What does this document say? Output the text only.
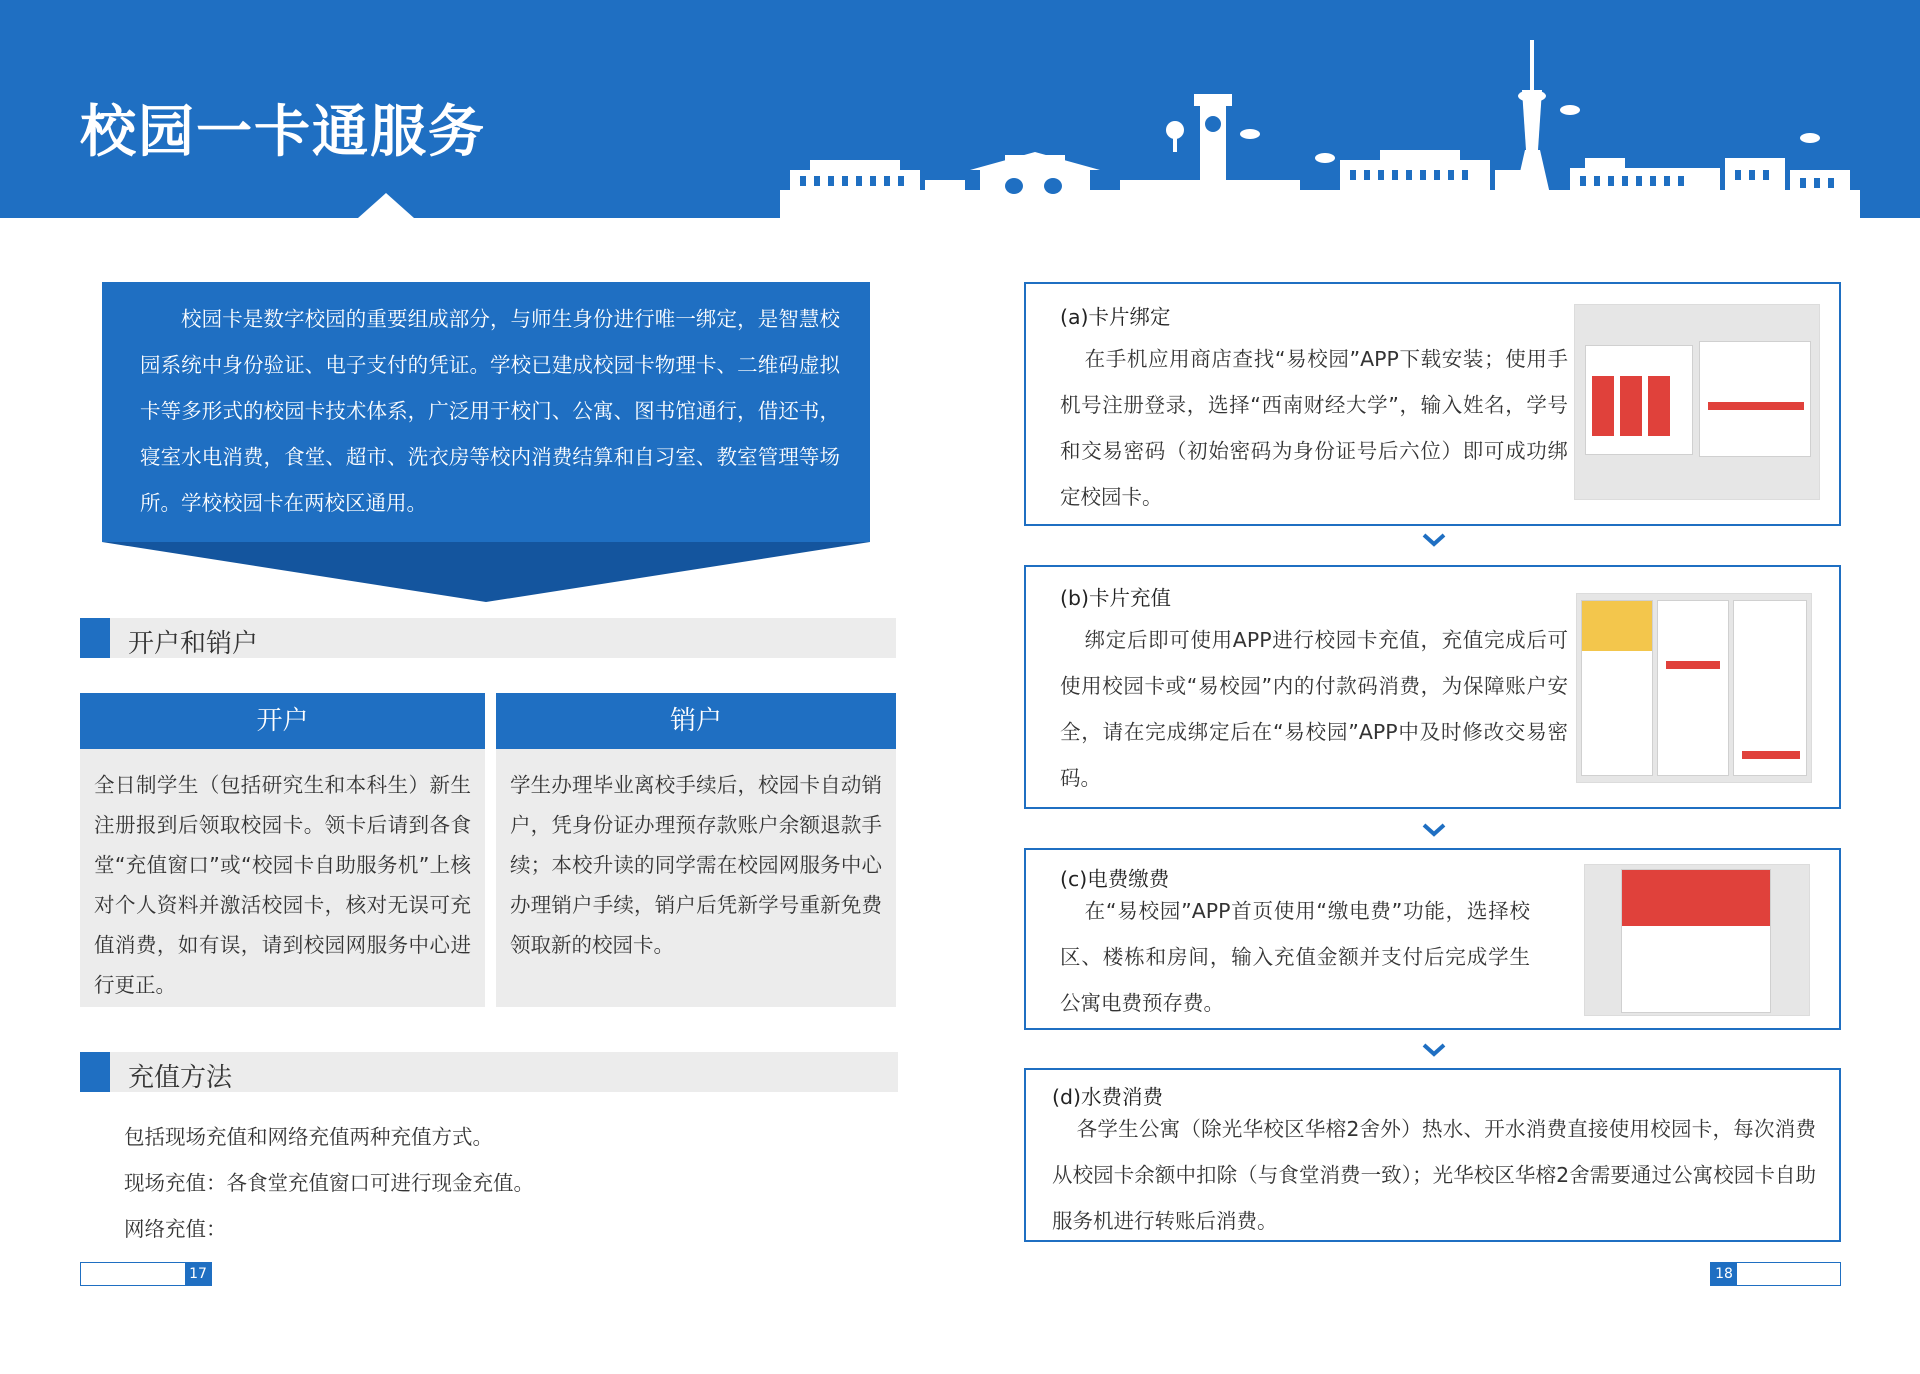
校园一卡通服务

校园卡是数字校园的重要组成部分，与师生身份进行唯一绑定，是智慧校园系统中身份验证、电子支付的凭证。学校已建成校园卡物理卡、二维码虚拟卡等多形式的校园卡技术体系，广泛用于校门、公寓、图书馆通行，借还书，寝室水电消费，食堂、超市、洗衣房等校内消费结算和自习室、教室管理等场所。学校校园卡在两校区通用。

开户和销户
开户
全日制学生（包括研究生和本科生）新生注册报到后领取校园卡。领卡后请到各食堂“充值窗口”或“校园卡自助服务机”上核对个人资料并激活校园卡，核对无误可充值消费，如有误，请到校园网服务中心进行更正。
销户
学生办理毕业离校手续后，校园卡自动销户，凭身份证办理预存款账户余额退款手续；本校升读的同学需在校园网服务中心办理销户手续，销户后凭新学号重新免费领取新的校园卡。
充值方法
包括现场充值和网络充值两种充值方式。
现场充值：各食堂充值窗口可进行现金充值。
网络充值：
17	18
(a)卡片绑定

在手机应用商店查找“易校园”APP下载安装；使用手机号注册登录，选择“西南财经大学”，输入姓名，学号和交易密码（初始密码为身份证号后六位）即可成功绑定校园卡。

(b)卡片充值

绑定后即可使用APP进行校园卡充值，充值完成后可使用校园卡或“易校园”内的付款码消费，为保障账户安全，请在完成绑定后在“易校园”APP中及时修改交易密码。

(c)电费缴费

在“易校园”APP首页使用“缴电费”功能，选择校区、楼栋和房间，输入充值金额并支付后完成学生公寓电费预存费。

(d)水费消费

各学生公寓（除光华校区华榕2舍外）热水、开水消费直接使用校园卡，每次消费从校园卡余额中扣除（与食堂消费一致）；光华校区华榕2舍需要通过公寓校园卡自助服务机进行转账后消费。
